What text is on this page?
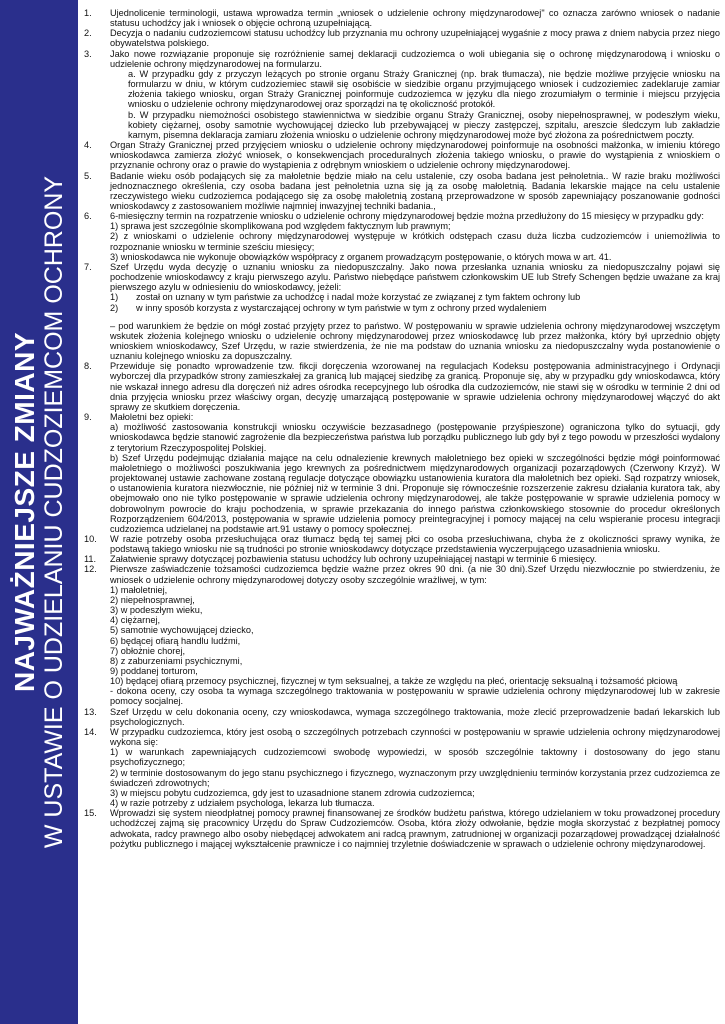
NAJWAŻNIEJSZE ZMIANY W USTAWIE O UDZIELANIU CUDZOZIEMCOM OCHRONY
1.	Ujednolicenie terminologii, ustawa wprowadza termin „wniosek o udzielenie ochrony międzynarodowej" co oznacza zarówno wniosek o nadanie statusu uchodźcy jak i wniosek o objęcie ochroną uzupełniającą.

2.	Decyzja o nadaniu cudzoziemcowi statusu uchodźcy lub przyznania mu ochrony uzupełniającej wygaśnie z mocy prawa z dniem nabycia przez niego obywatelstwa polskiego.

3.	Jako nowe rozwiązanie proponuje się rozróżnienie samej deklaracji cudzoziemca o woli ubiegania się o ochronę międzynarodową i wniosku o udzielenie ochrony międzynarodowej na formularzu.

a. W przypadku gdy z przyczyn leżących po stronie organu Straży Granicznej (np. brak tłumacza), nie będzie możliwe przyjęcie wniosku na formularzu w dniu, w którym cudzoziemiec stawił się osobiście w siedzibie organu przyjmującego wniosek i cudzoziemiec zadeklaruje zamiar złożenia takiego wniosku, organ Straży Granicznej poinformuje cudzoziemca w języku dla niego zrozumiałym o terminie i miejscu przyjęcia wniosku o udzielenie ochrony międzynarodowej oraz sporządzi na tę okoliczność protokół.

b. W przypadku niemożności osobistego stawiennictwa w siedzibie organu Straży Granicznej, osoby niepełnosprawnej, w podeszłym wieku, kobiety ciężarnej, osoby samotnie wychowującej dziecko lub przebywającej w pieczy zastępczej, szpitalu, areszcie śledczym lub zakładzie karnym, pisemna deklaracja zamiaru złożenia wniosku o udzielenie ochrony międzynarodowej może być złożona za pośrednictwem poczty.

4.	Organ Straży Granicznej przed przyjęciem wniosku o udzielenie ochrony międzynarodowej poinformuje na osobności małżonka, w imieniu którego wnioskodawca zamierza złożyć wniosek, o konsekwencjach proceduralnych złożenia takiego wniosku, o prawie do wystąpienia z wnioskiem o przyznanie ochrony oraz o prawie do wystąpienia z odrębnym wnioskiem o udzielenie ochrony międzynarodowej.

5.	Badanie wieku osób podających się za małoletnie będzie miało na celu ustalenie, czy osoba badana jest pełnoletnia.. W razie braku możliwości jednoznacznego określenia, czy osoba badana jest pełnoletnia uzna się ją za osobę małoletnią. Badania lekarskie mające na celu ustalenie rzeczywistego wieku cudzoziemca podającego się za osobę małoletnią zostaną przeprowadzone w sposób zapewniający poszanowanie godności wnioskodawcy z zastosowaniem możliwie najmniej inwazyjnej techniki badania.,

6.	6-miesięczny termin na rozpatrzenie wniosku o udzielenie ochrony międzynarodowej będzie można przedłużony do 15 miesięcy w przypadku gdy:

1) sprawa jest szczególnie skomplikowana pod względem faktycznym lub prawnym;

2) z wnioskami o udzielenie ochrony międzynarodowej występuje w krótkich odstępach czasu duża liczba cudzoziemców i uniemożliwia to rozpoznanie wniosku w terminie sześciu miesięcy;

3) wnioskodawca nie wykonuje obowiązków współpracy z organem prowadzącym postępowanie, o których mowa w art. 41.

7.	Szef Urzędu wyda decyzję o uznaniu wniosku za niedopuszczalny. Jako nowa przesłanka uznania wniosku za niedopuszczalny pojawi się pochodzenie wnioskodawcy z kraju pierwszego azylu. Państwo niebędące państwem członkowskim UE lub Strefy Schengen będzie uważane za kraj pierwszego azylu w odniesieniu do wnioskodawcy, jeżeli:

1) został on uznany w tym państwie za uchodźcę i nadal może korzystać ze związanej z tym faktem ochrony lub

2) w inny sposób korzysta z wystarczającej ochrony w tym państwie w tym z ochrony przed wydaleniem

– pod warunkiem że będzie on mógł zostać przyjęty przez to państwo. W postępowaniu w sprawie udzielenia ochrony międzynarodowej wszczętym wskutek złożenia kolejnego wniosku o udzielenie ochrony międzynarodowej przez wnioskodawcę lub przez małżonka, który był uprzednio objęty wnioskiem wnioskodawcy, Szef Urzędu, w razie stwierdzenia, że nie ma podstaw do uznania wniosku za niedopuszczalny wyda postanowienie o uznaniu kolejnego wniosku za dopuszczalny.

8.	Przewiduje się ponadto wprowadzenie tzw. fikcji doręczenia wzorowanej na regulacjach Kodeksu postępowania administracyjnego i Ordynacji wyborczej dla przypadków strony zamieszkałej za granicą lub mającej siedzibę za granicą. Proponuje się, aby w przypadku gdy wnioskodawca, który nie wskazał innego adresu dla doręczeń niż adres ośrodka recepcyjnego lub ośrodka dla cudzoziemców, nie stawi się w ośrodku w terminie 2 dni od dnia przyjęcia wniosku przez właściwy organ, decyzję umarzającą postępowanie w sprawie udzielenia ochrony międzynarodowej włączyć do akt sprawy ze skutkiem doręczenia.

9.	Małoletni bez opieki:

a) możliwość zastosowania konstrukcji wniosku oczywiście bezzasadnego (postępowanie przyśpieszone) ograniczona tylko do sytuacji, gdy wnioskodawca będzie stanowić zagrożenie dla bezpieczeństwa państwa lub porządku publicznego lub gdy był z tego powodu w przeszłości wydalony z terytorium Rzeczypospolitej Polskiej.

b) Szef Urzędu podejmując działania mające na celu odnalezienie krewnych małoletniego bez opieki w szczególności będzie mógł poinformować małoletniego o możliwości poszukiwania jego krewnych za pośrednictwem międzynarodowych organizacji pozarządowych (Czerwony Krzyż). W projektowanej ustawie zachowane zostaną regulacje dotyczące obowiązku ustanowienia kuratora dla małoletnich bez opieki. Sąd rozpatrzy wniosek, o ustanowienia kuratora niezwłocznie, nie później niż w terminie 3 dni. Proponuje się równocześnie rozszerzenie zakresu działania kuratora tak, aby obejmowało ono nie tylko postępowanie w sprawie udzielenia ochrony międzynarodowej, ale także postępowanie w sprawie udzielenia pomocy w dobrowolnym powrocie do kraju pochodzenia, w sprawie przekazania do innego państwa członkowskiego stosownie do procedur określonych Rozporządzeniem 604/2013, postępowania w sprawie udzielenia pomocy preintegracyjnej i pomocy mającej na celu wspieranie procesu integracji cudzoziemca udzielanej na podstawie art.91 ustawy o pomocy społecznej.

10.	W razie potrzeby osoba przesłuchująca oraz tłumacz będą tej samej płci co osoba przesłuchiwana, chyba że z okoliczności sprawy wynika, że podstawą takiego wniosku nie są trudności po stronie wnioskodawcy dotyczące przedstawienia wyczerpującego uzasadnienia wniosku.

11.	Załatwienie sprawy dotyczącej pozbawienia statusu uchodźcy lub ochrony uzupełniającej nastąpi w terminie 6 miesięcy.

12.	Pierwsze zaświadczenie tożsamości cudzoziemca będzie ważne przez okres 90 dni. (a nie 30 dni).Szef Urzędu niezwłocznie po stwierdzeniu, że wniosek o udzielenie ochrony międzynarodowej dotyczy osoby szczególnie wrażliwej, w tym:

1) małoletniej,

2) niepełnosprawnej,

3) w podeszłym wieku,

4) ciężarnej,

5) samotnie wychowującej dziecko,

6) będącej ofiarą handlu ludźmi,

7) obłożnie chorej,

8) z zaburzeniami psychicznymi,

9) poddanej torturom,

10) będącej ofiarą przemocy psychicznej, fizycznej w tym seksualnej, a także ze względu na płeć, orientację seksualną i tożsamość płciową

- dokona oceny, czy osoba ta wymaga szczególnego traktowania w postępowaniu w sprawie udzielenia ochrony międzynarodowej lub w zakresie pomocy socjalnej.

13.	Szef Urzędu w celu dokonania oceny, czy wnioskodawca, wymaga szczególnego traktowania, może zlecić przeprowadzenie badań lekarskich lub psychologicznych.

14.	W przypadku cudzoziemca, który jest osobą o szczególnych potrzebach czynności w postępowaniu w sprawie udzielenia ochrony międzynarodowej wykona się:

1) w warunkach zapewniających cudzoziemcowi swobodę wypowiedzi, w sposób szczególnie taktowny i dostosowany do jego stanu psychofizycznego;

2) w terminie dostosowanym do jego stanu psychicznego i fizycznego, wyznaczonym przy uwzględnieniu terminów korzystania przez cudzoziemca ze świadczeń zdrowotnych;

3) w miejscu pobytu cudzoziemca, gdy jest to uzasadnione stanem zdrowia cudzoziemca;

4) w razie potrzeby z udziałem psychologa, lekarza lub tłumacza.

15.	Wprowadzi się system nieodpłatnej pomocy prawnej finansowanej ze środków budżetu państwa, którego udzielaniem w toku prowadzonej procedury uchodźczej zajmą się pracownicy Urzędu do Spraw Cudzoziemców. Osoba, która złoży odwołanie, będzie mogła skorzystać z bezpłatnej pomocy adwokata, radcy prawnego albo osoby niebędącej adwokatem ani radcą prawnym, zatrudnionej w organizacji pozarządowej prowadzącej działalność pożytku publicznego i mającej wykształcenie prawnicze i co najmniej trzyletnie doświadczenie w sprawach o udzielenie ochrony międzynarodowej.
